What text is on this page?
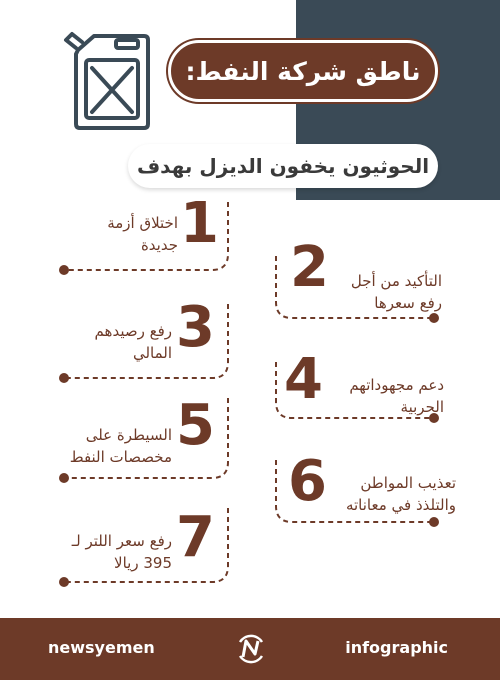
ناطق شركة النفط:
الحوثيون يخفون الديزل بهدف
1
اختلاق أزمة جديدة 2	التأكيد من أجل رفع سعرها
3
رفع رصيدهم المالي 4	دعم مجهوداتهم الحربية
5
السيطرة على مخصصات النفط 6	تعذيب المواطن والتلذذ في معاناته
7
رفع سعر اللتر لـ 395 ريالا
newsyemen	infographic
